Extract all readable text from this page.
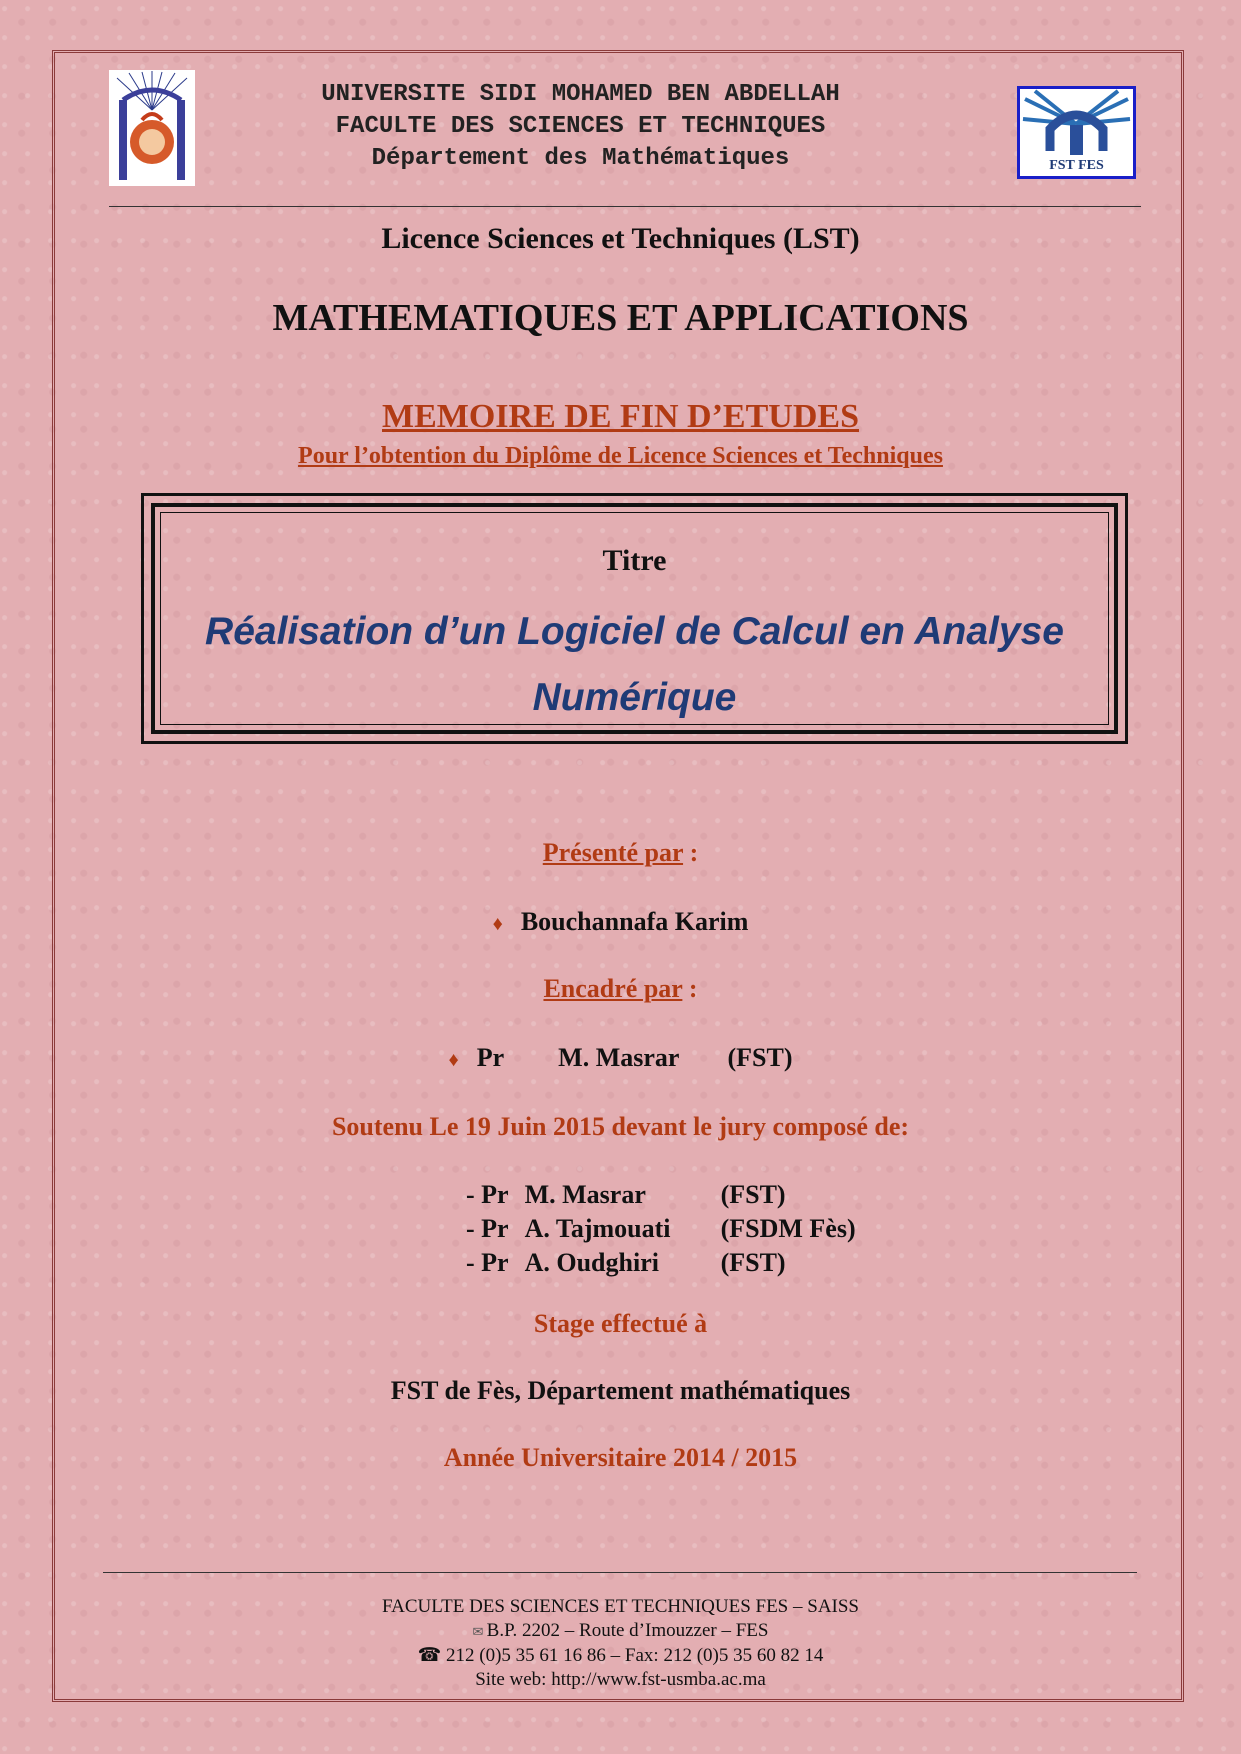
UNIVERSITE SIDI MOHAMED BEN ABDELLAH
FACULTE DES SCIENCES ET TECHNIQUES
Département des Mathématiques	FST FES
Licence Sciences et Techniques (LST)
MATHEMATIQUES ET APPLICATIONS
MEMOIRE DE FIN D’ETUDES
Pour l’obtention du Diplôme de Licence Sciences et Techniques
Titre
Réalisation d’un Logiciel de Calcul en Analyse
Numérique
Présenté par :
♦ Bouchannafa Karim
Encadré par :
♦ Pr M. Masrar (FST)
Soutenu Le 19 Juin 2015 devant le jury composé de:
- Pr M. Masrar	(FST)
- Pr A. Tajmouati (FSDM Fès)
- Pr A. Oudghiri (FST)
Stage effectué à
FST de Fès, Département mathématiques
Année Universitaire 2014 / 2015
FACULTE DES SCIENCES ET TECHNIQUES FES – SAISS
✉ B.P. 2202 – Route d’Imouzzer – FES
☎ 212 (0)5 35 61 16 86 – Fax: 212 (0)5 35 60 82 14
Site web: http://www.fst-usmba.ac.ma
